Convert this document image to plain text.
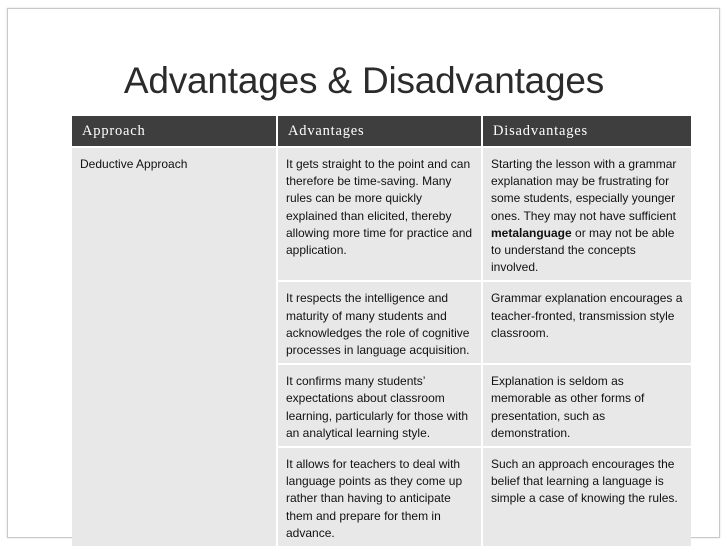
Advantages & Disadvantages
Approach	Advantages	Disadvantages
Deductive Approach	It gets straight to the point and can therefore be time-saving. Many rules can be more quickly explained than elicited, thereby allowing more time for practice and application.	Starting the lesson with a grammar explanation may be frustrating for some students, especially younger ones. They may not have sufficient metalanguage or may not be able to understand the concepts involved.
	It respects the intelligence and maturity of many students and acknowledges the role of cognitive processes in language acquisition.	Grammar explanation encourages a teacher-fronted, transmission style classroom.
	It confirms many students’ expectations about classroom learning, particularly for those with an analytical learning style.	Explanation is seldom as memorable as other forms of presentation, such as demonstration.
	It allows for teachers to deal with language points as they come up rather than having to anticipate them and prepare for them in advance.	Such an approach encourages the belief that learning a language is simple a case of knowing the rules.
